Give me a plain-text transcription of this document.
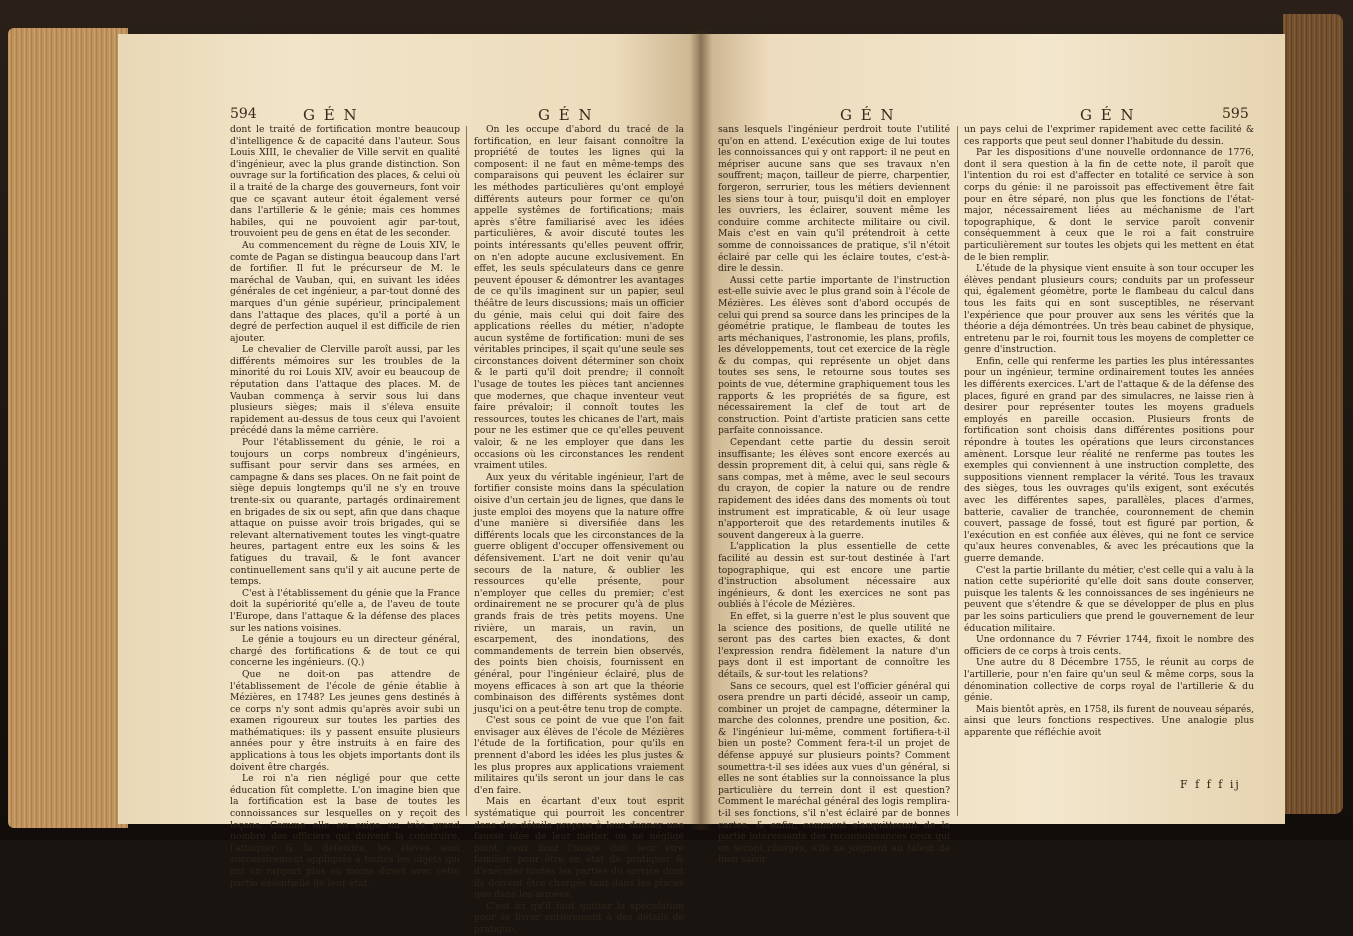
594	G É N	G É N

dont le traité de fortification montre beaucoup d'intelligence & de capacité dans l'auteur. Sous Louis XIII, le chevalier de Ville servit en qualité d'ingénieur, avec la plus grande distinction. Son ouvrage sur la fortification des places, & celui où il a traité de la charge des gouverneurs, font voir que ce sçavant auteur étoit également versé dans l'artillerie & le génie; mais ces hommes habiles, qui ne pouvoient agir par-tout, trouvoient peu de gens en état de les seconder.

Au commencement du règne de Louis XIV, le comte de Pagan se distingua beaucoup dans l'art de fortifier. Il fut le précurseur de M. le maréchal de Vauban, qui, en suivant les idées générales de cet ingénieur, a par-tout donné des marques d'un génie supérieur, principalement dans l'attaque des places, qu'il a porté à un degré de perfection auquel il est difficile de rien ajouter.

Le chevalier de Clerville paroît aussi, par les différents mémoires sur les troubles de la minorité du roi Louis XIV, avoir eu beaucoup de réputation dans l'attaque des places. M. de Vauban commença à servir sous lui dans plusieurs sièges; mais il s'éleva ensuite rapidement au-dessus de tous ceux qui l'avoient précédé dans la même carrière.

Pour l'établissement du génie, le roi a toujours un corps nombreux d'ingénieurs, suffisant pour servir dans ses armées, en campagne & dans ses places. On ne fait point de siège depuis longtemps qu'il ne s'y en trouve trente-six ou quarante, partagés ordinairement en brigades de six ou sept, afin que dans chaque attaque on puisse avoir trois brigades, qui se relevant alternativement toutes les vingt-quatre heures, partagent entre eux les soins & les fatigues du travail, & le font avancer continuellement sans qu'il y ait aucune perte de temps.

C'est à l'établissement du génie que la France doit la supériorité qu'elle a, de l'aveu de toute l'Europe, dans l'attaque & la défense des places sur les nations voisines.

Le génie a toujours eu un directeur général, chargé des fortifications & de tout ce qui concerne les ingénieurs. (Q.)

Que ne doit-on pas attendre de l'établissement de l'école de génie établie à Mézières, en 1748? Les jeunes gens destinés à ce corps n'y sont admis qu'après avoir subi un examen rigoureux sur toutes les parties des mathématiques: ils y passent ensuite plusieurs années pour y être instruits à en faire des applications à tous les objets importants dont ils doivent être chargés.

Le roi n'a rien négligé pour que cette éducation fût complette. L'on imagine bien que la fortification est la base de toutes les connoissances sur lesquelles on y reçoit des leçons. Comme elle en exige un très grand nombre des officiers qui doivent la construire, l'attaquer & la défendre, les élèves sont successivement appliqués à toutes les objets qui ont un rapport plus ou moins direct avec cette partie essentielle de leur état.

On les occupe d'abord du tracé de la fortification, en leur faisant connoître la propriété de toutes les lignes qui la composent: il ne faut en même-temps des comparaisons qui peuvent les éclairer sur les méthodes particulières qu'ont employé différents auteurs pour former ce qu'on appelle systêmes de fortifications; mais après s'être familiarisé avec les idées particulières, & avoir discuté toutes les points intéressants qu'elles peuvent offrir, on n'en adopte aucune exclusivement. En effet, les seuls spéculateurs dans ce genre peuvent épouser & démontrer les avantages de ce qu'ils imaginent sur un papier, seul théâtre de leurs discussions; mais un officier du génie, mais celui qui doit faire des applications réelles du métier, n'adopte aucun systême de fortification: muni de ses véritables principes, il sçait qu'une seule ses circonstances doivent déterminer son choix & le parti qu'il doit prendre; il connoît l'usage de toutes les pièces tant anciennes que modernes, que chaque inventeur veut faire prévaloir; il connoît toutes les ressources, toutes les chicanes de l'art, mais pour ne les estimer que ce qu'elles peuvent valoir, & ne les employer que dans les occasions où les circonstances les rendent vraiment utiles.

Aux yeux du véritable ingénieur, l'art de fortifier consiste moins dans la spéculation oisive d'un certain jeu de lignes, que dans le juste emploi des moyens que la nature offre d'une manière si diversifiée dans les différents locals que les circonstances de la guerre obligent d'occuper offensivement ou défensivement. L'art ne doit venir qu'au secours de la nature, & oublier les ressources qu'elle présente, pour n'employer que celles du premier; c'est ordinairement ne se procurer qu'à de plus grands frais de très petits moyens. Une rivière, un marais, un ravin, un escarpement, des inondations, des commandements de terrein bien observés, des points bien choisis, fournissent en général, pour l'ingénieur éclairé, plus de moyens efficaces à son art que la théorie combinaison des différents systêmes dont jusqu'ici on a peut-être tenu trop de compte.

C'est sous ce point de vue que l'on fait envisager aux élèves de l'école de Mézières l'étude de la fortification, pour qu'ils en prennent d'abord les idées les plus justes & les plus propres aux applications vraiement militaires qu'ils seront un jour dans le cas d'en faire.

Mais en écartant d'eux tout esprit systématique qui pourroit les concentrer dans des détails propres à leur donner une fausse idée de leur métier, on ne néglige point ceux dont l'usage doit leur être familier, pour être en état de pratiquer & d'exécuter toutes les parties du service dont ils doivent être chargés tant dans les places que dans les armées.

C'est ici qu'il faut quitter la spéculation pour se livrer entièrement à des détails de pratique,

G É N	G É N	595

sans lesquels l'ingénieur perdroit toute l'utilité qu'on en attend. L'exécution exige de lui toutes les connoissances qui y ont rapport: il ne peut en mépriser aucune sans que ses travaux n'en souffrent; maçon, tailleur de pierre, charpentier, forgeron, serrurier, tous les métiers deviennent les siens tour à tour, puisqu'il doit en employer les ouvriers, les éclairer, souvent même les conduire comme architecte militaire ou civil. Mais c'est en vain qu'il prétendroit à cette somme de connoissances de pratique, s'il n'étoit éclairé par celle qui les éclaire toutes, c'est-à-dire le dessin.

Aussi cette partie importante de l'instruction est-elle suivie avec le plus grand soin à l'école de Mézières. Les élèves sont d'abord occupés de celui qui prend sa source dans les principes de la géométrie pratique, le flambeau de toutes les arts méchaniques, l'astronomie, les plans, profils, les développements, tout cet exercice de la règle & du compas, qui représente un objet dans toutes ses sens, le retourne sous toutes ses points de vue, détermine graphiquement tous les rapports & les propriétés de sa figure, est nécessairement la clef de tout art de construction. Point d'artiste praticien sans cette parfaite connoissance.

Cependant cette partie du dessin seroit insuffisante; les élèves sont encore exercés au dessin proprement dit, à celui qui, sans règle & sans compas, met à même, avec le seul secours du crayon, de copier la nature ou de rendre rapidement des idées dans des moments où tout instrument est impraticable, & où leur usage n'apporteroit que des retardements inutiles & souvent dangereux à la guerre.

L'application la plus essentielle de cette facilité au dessin est sur-tout destinée à l'art topographique, qui est encore une partie d'instruction absolument nécessaire aux ingénieurs, & dont les exercices ne sont pas oubliés à l'école de Mézières.

En effet, si la guerre n'est le plus souvent que la science des positions, de quelle utilité ne seront pas des cartes bien exactes, & dont l'expression rendra fidèlement la nature d'un pays dont il est important de connoître les détails, & sur-tout les relations?

Sans ce secours, quel est l'officier général qui osera prendre un parti décidé, asseoir un camp, combiner un projet de campagne, déterminer la marche des colonnes, prendre une position, &c. & l'ingénieur lui-même, comment fortifiera-t-il bien un poste? Comment fera-t-il un projet de défense appuyé sur plusieurs points? Comment soumettra-t-il ses idées aux vues d'un général, si elles ne sont établies sur la connoissance la plus particulière du terrein dont il est question? Comment le maréchal général des logis remplira-t-il ses fonctions, s'il n'est éclairé par de bonnes cartes, & enfin, comment s'acquitteront de la partie intéressante des reconnoissances ceux qui en seront chargés, s'ils ne joignent au talent de bien saisir

un pays celui de l'exprimer rapidement avec cette facilité & ces rapports que peut seul donner l'habitude du dessin.

Par les dispositions d'une nouvelle ordonnance de 1776, dont il sera question à la fin de cette note, il paroît que l'intention du roi est d'affecter en totalité ce service à son corps du génie: il ne paroissoit pas effectivement être fait pour en être séparé, non plus que les fonctions de l'état-major, nécessairement liées au méchanisme de l'art topographique, & dont le service paroît convenir conséquemment à ceux que le roi a fait construire particulièrement sur toutes les objets qui les mettent en état de le bien remplir.

L'étude de la physique vient ensuite à son tour occuper les élèves pendant plusieurs cours; conduits par un professeur qui, également géomètre, porte le flambeau du calcul dans tous les faits qui en sont susceptibles, ne réservant l'expérience que pour prouver aux sens les vérités que la théorie a déja démontrées. Un très beau cabinet de physique, entretenu par le roi, fournit tous les moyens de completter ce genre d'instruction.

Enfin, celle qui renferme les parties les plus intéressantes pour un ingénieur, termine ordinairement toutes les années les différents exercices. L'art de l'attaque & de la défense des places, figuré en grand par des simulacres, ne laisse rien à desirer pour représenter toutes les moyens graduels employés en pareille occasion. Plusieurs fronts de fortification sont choisis dans différentes positions pour répondre à toutes les opérations que leurs circonstances amènent. Lorsque leur réalité ne renferme pas toutes les exemples qui conviennent à une instruction complette, des suppositions viennent remplacer la vérité. Tous les travaux des sièges, tous les ouvrages qu'ils exigent, sont exécutés avec les différentes sapes, parallèles, places d'armes, batterie, cavalier de tranchée, couronnement de chemin couvert, passage de fossé, tout est figuré par portion, & l'exécution en est confiée aux élèves, qui ne font ce service qu'aux heures convenables, & avec les précautions que la guerre demande.

C'est la partie brillante du métier, c'est celle qui a valu à la nation cette supériorité qu'elle doit sans doute conserver, puisque les talents & les connoissances de ses ingénieurs ne peuvent que s'étendre & que se développer de plus en plus par les soins particuliers que prend le gouvernement de leur éducation militaire.

Une ordonnance du 7 Février 1744, fixoit le nombre des officiers de ce corps à trois cents.

Une autre du 8 Décembre 1755, le réunit au corps de l'artillerie, pour n'en faire qu'un seul & même corps, sous la dénomination collective de corps royal de l'artillerie & du génie.

Mais bientôt après, en 1758, ils furent de nouveau séparés, ainsi que leurs fonctions respectives. Une analogie plus apparente que réfléchie avoit

F f f f ij
